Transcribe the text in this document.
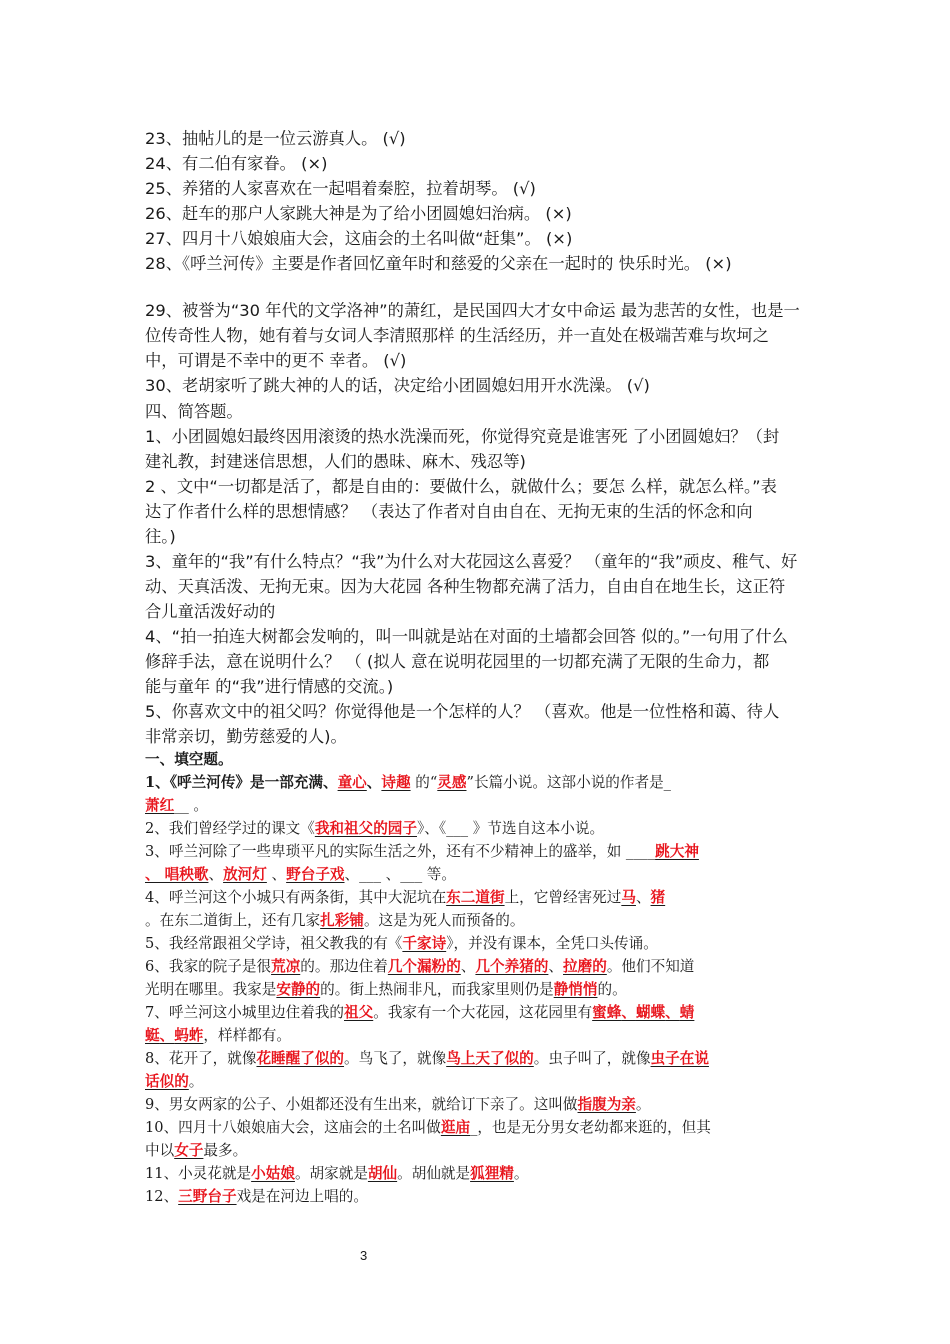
23、抽帖儿的是一位云游真人。 (√)
24、有二伯有家眷。 (×)
25、养猪的人家喜欢在一起唱着秦腔，拉着胡琴。 (√)
26、赶车的那户人家跳大神是为了给小团圆媳妇治病。 (×)
27、四月十八娘娘庙大会，这庙会的土名叫做“赶集”。 (×)
28、《呼兰河传》主要是作者回忆童年时和慈爱的父亲在一起时的 快乐时光。 (×)
29、被誉为“30 年代的文学洛神”的萧红，是民国四大才女中命运 最为悲苦的女性，也是一
位传奇性人物，她有着与女词人李清照那样 的生活经历，并一直处在极端苦难与坎坷之
中，可谓是不幸中的更不 幸者。 (√)
30、老胡家听了跳大神的人的话，决定给小团圆媳妇用开水洗澡。 (√)
四、简答题。
1、小团圆媳妇最终因用滚烫的热水洗澡而死，你觉得究竟是谁害死 了小团圆媳妇？（封
建礼教，封建迷信思想，人们的愚昧、麻木、残忍等)
2 、文中“一切都是活了，都是自由的：要做什么，就做什么；要怎 么样，就怎么样。”表
达了作者什么样的思想情感？ （表达了作者对自由自在、无拘无束的生活的怀念和向
往。)
3、童年的“我”有什么特点？“我”为什么对大花园这么喜爱？ （童年的“我”顽皮、稚气、好
动、天真活泼、无拘无束。因为大花园 各种生物都充满了活力，自由自在地生长，这正符
合儿童活泼好动的
4、“拍一拍连大树都会发响的，叫一叫就是站在对面的土墙都会回答 似的。”一句用了什么
修辞手法，意在说明什么？ （ (拟人 意在说明花园里的一切都充满了无限的生命力，都
能与童年 的“我”进行情感的交流。)
5、你喜欢文中的祖父吗？你觉得他是一个怎样的人？ （喜欢。他是一位性格和蔼、待人
非常亲切，勤劳慈爱的人)。
一、填空题。
1、《呼兰河传》是一部充满、童心、诗趣 的“灵感”长篇小说。这部小说的作者是_
萧红__ 。
2、我们曾经学过的课文《我和祖父的园子》、《___ 》节选自这本小说。
3、呼兰河除了一些卑琐平凡的实际生活之外，还有不少精神上的盛举，如 ____跳大神
、 唱秧歌、放河灯 、野台子戏、___ 、___ 等。
4、呼兰河这个小城只有两条街，其中大泥坑在东二道街上，它曾经害死过马、猪
。在东二道街上，还有几家扎彩铺。这是为死人而预备的。
5、我经常跟祖父学诗，祖父教我的有《千家诗》，并没有课本，全凭口头传诵。
6、我家的院子是很荒凉的。那边住着几个漏粉的、几个养猪的、拉磨的。他们不知道
光明在哪里。我家是安静的的。街上热闹非凡，而我家里则仍是静悄悄的。
7、呼兰河这小城里边住着我的祖父。我家有一个大花园，这花园里有蜜蜂、蝴蝶、蜻
蜓、蚂蚱，样样都有。
8、花开了，就像花睡醒了似的。鸟飞了，就像鸟上天了似的。虫子叫了，就像虫子在说
话似的。
9、男女两家的公子、小姐都还没有生出来，就给订下亲了。这叫做指腹为亲。
10、四月十八娘娘庙大会，这庙会的土名叫做逛庙_，也是无分男女老幼都来逛的，但其
中以女子最多。
11、小灵花就是小姑娘。胡家就是胡仙。胡仙就是狐狸精。
12、三野台子戏是在河边上唱的。
3
